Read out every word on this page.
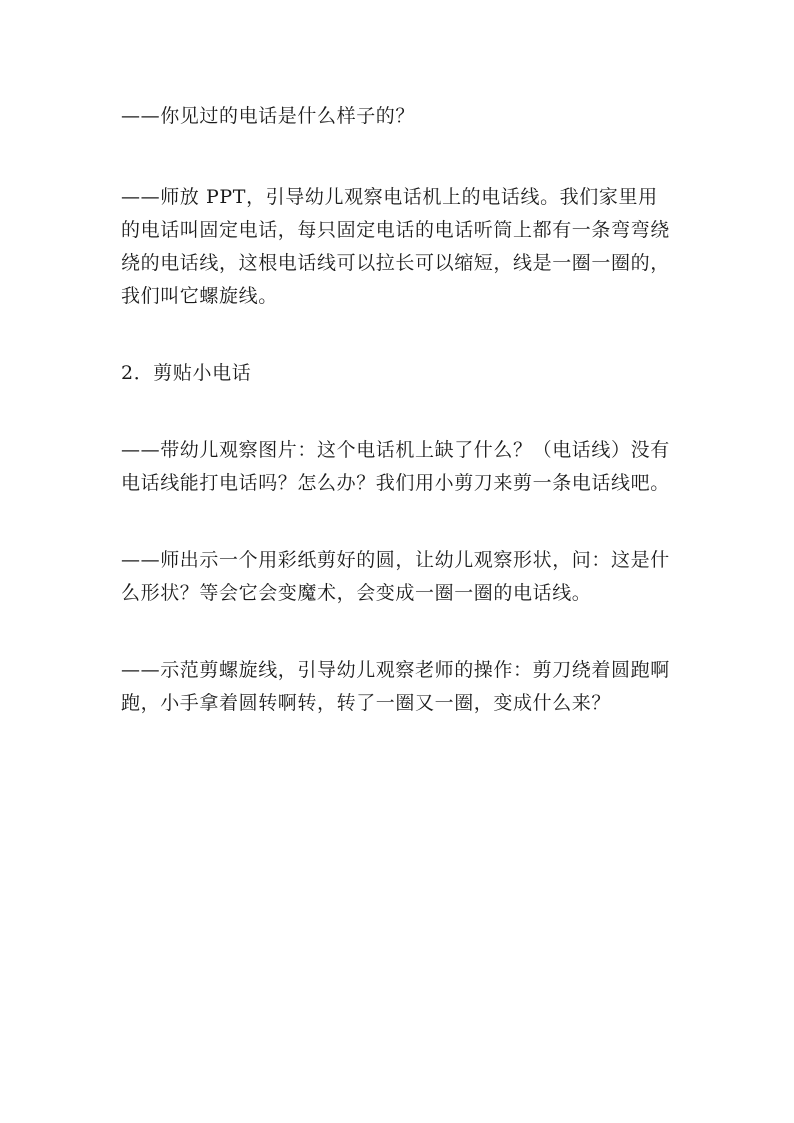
——你见过的电话是什么样子的？

——师放 PPT，引导幼儿观察电话机上的电话线。我们家里用的电话叫固定电话，每只固定电话的电话听筒上都有一条弯弯绕绕的电话线，这根电话线可以拉长可以缩短，线是一圈一圈的，我们叫它螺旋线。

2．剪贴小电话

——带幼儿观察图片：这个电话机上缺了什么？（电话线）没有电话线能打电话吗？怎么办？我们用小剪刀来剪一条电话线吧。

——师出示一个用彩纸剪好的圆，让幼儿观察形状，问：这是什么形状？等会它会变魔术，会变成一圈一圈的电话线。

——示范剪螺旋线，引导幼儿观察老师的操作：剪刀绕着圆跑啊跑，小手拿着圆转啊转，转了一圈又一圈，变成什么来？
